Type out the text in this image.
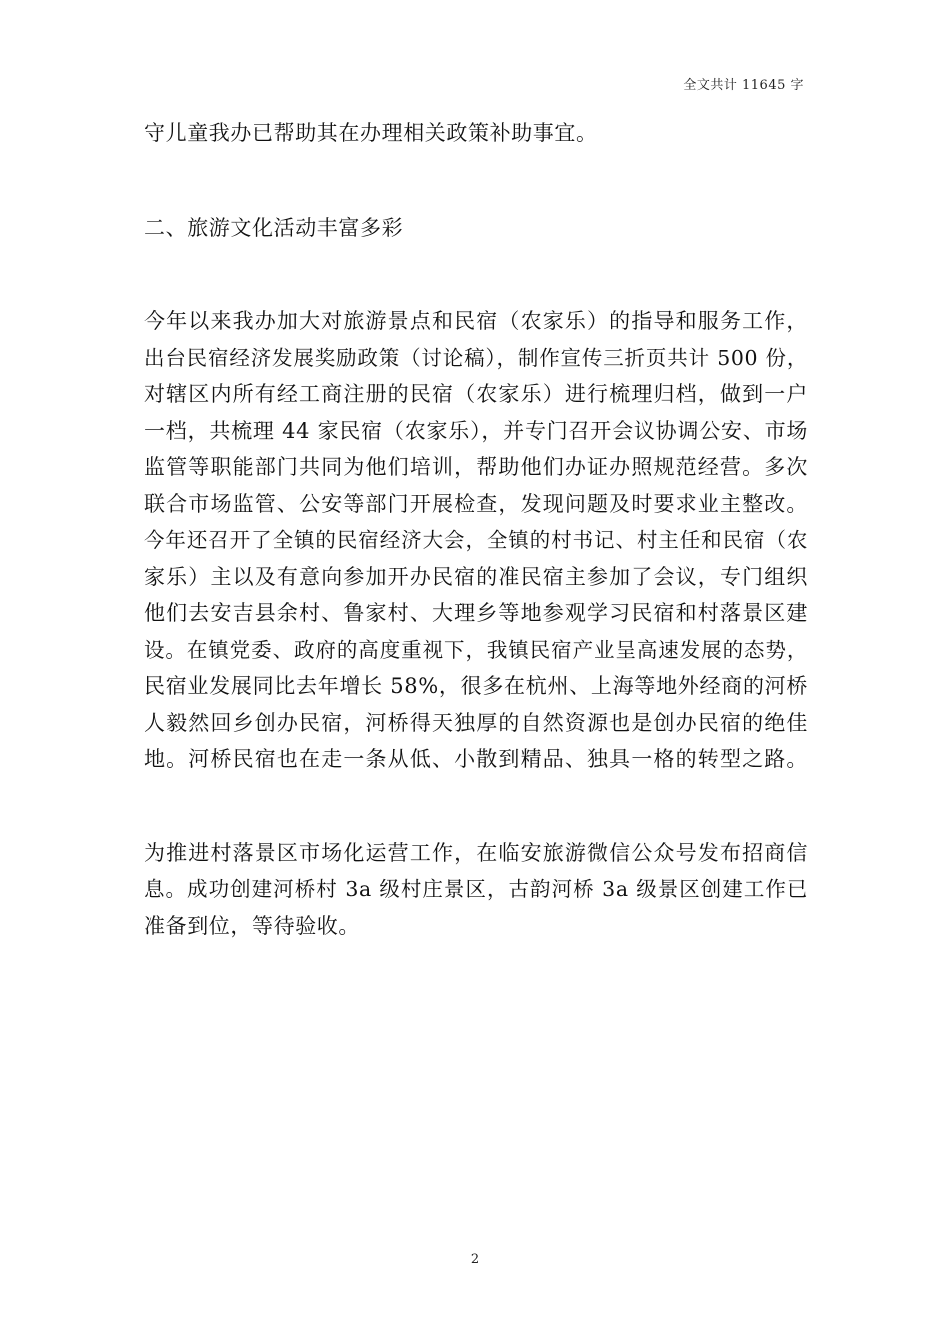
全文共计 11645 字
守儿童我办已帮助其在办理相关政策补助事宜。
二、旅游文化活动丰富多彩
今年以来我办加大对旅游景点和民宿（农家乐）的指导和服务工作，
出台民宿经济发展奖励政策（讨论稿），制作宣传三折页共计 500 份，
对辖区内所有经工商注册的民宿（农家乐）进行梳理归档，做到一户
一档，共梳理 44 家民宿（农家乐），并专门召开会议协调公安、市场
监管等职能部门共同为他们培训，帮助他们办证办照规范经营。多次
联合市场监管、公安等部门开展检查，发现问题及时要求业主整改。
今年还召开了全镇的民宿经济大会，全镇的村书记、村主任和民宿（农
家乐）主以及有意向参加开办民宿的准民宿主参加了会议，专门组织
他们去安吉县余村、鲁家村、大理乡等地参观学习民宿和村落景区建
设。在镇党委、政府的高度重视下，我镇民宿产业呈高速发展的态势，
民宿业发展同比去年增长 58%，很多在杭州、上海等地外经商的河桥
人毅然回乡创办民宿，河桥得天独厚的自然资源也是创办民宿的绝佳
地。河桥民宿也在走一条从低、小散到精品、独具一格的转型之路。
为推进村落景区市场化运营工作，在临安旅游微信公众号发布招商信
息。成功创建河桥村 3a 级村庄景区，古韵河桥 3a 级景区创建工作已
准备到位，等待验收。
2
